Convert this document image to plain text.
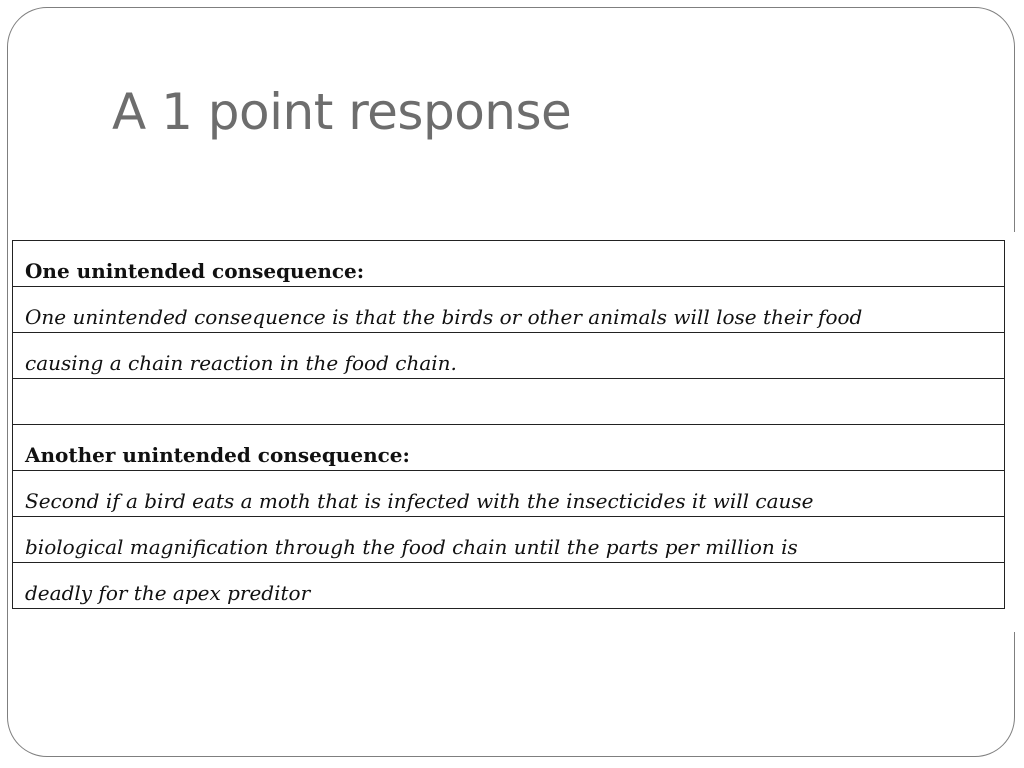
A 1 point response
One unintended consequence:
One unintended consequence is that the birds or other animals will lose their food
causing a chain reaction in the food chain.

Another unintended consequence:
Second if a bird eats a moth that is infected with the insecticides it will cause
biological magnification through the food chain until the parts per million is
deadly for the apex preditor
